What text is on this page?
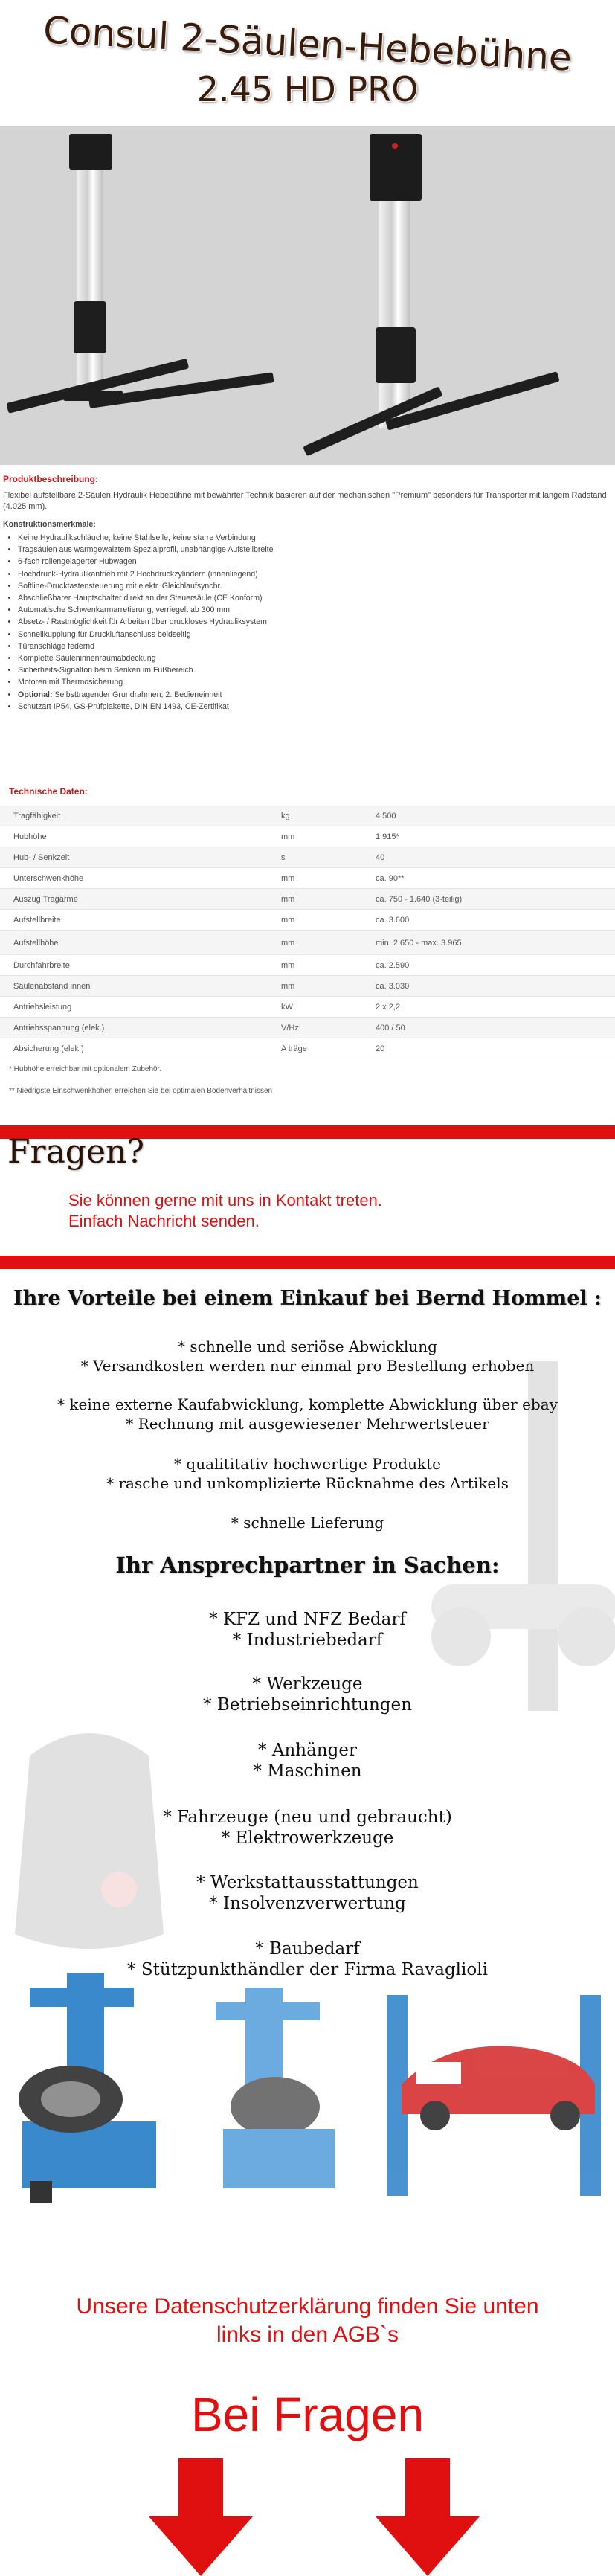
Consul 2-Säulen-Hebebühne
2.45 HD PRO
Produktbeschreibung:
Flexibel aufstellbare 2-Säulen Hydraulik Hebebühne mit bewährter Technik basieren auf der mechanischen "Premium" besonders für Transporter mit langem Radstand (4.025 mm).
Konstruktionsmerkmale:
• Keine Hydraulikschläuche, keine Stahlseile, keine starre Verbindung
• Tragsäulen aus warmgewalztem Spezialprofil, unabhängige Aufstellbreite
• 6-fach rollengelagerter Hubwagen
• Hochdruck-Hydraulikantrieb mit 2 Hochdruckzylindern (innenliegend)
• Softline-Drucktastensteuerung mit elektr. Gleichlaufsynchr.
• Abschließbarer Hauptschalter direkt an der Steuersäule (CE Konform)
• Automatische Schwenkarmarretierung, verriegelt ab 300 mm
• Absetz- / Rastmöglichkeit für Arbeiten über druckloses Hydrauliksystem
• Schnellkupplung für Druckluftanschluss beidseitig
• Türanschläge federnd
• Komplette Säuleninnenraumabdeckung
• Sicherheits-Signalton beim Senken im Fußbereich
• Motoren mit Thermosicherung
• Optional: Selbsttragender Grundrahmen; 2. Bedieneinheit
• Schutzart IP54, GS-Prüfplakette, DIN EN 1493, CE-Zertifikat
Technische Daten:
Tragfähigkeit	kg	4.500
Hubhöhe	mm	1.915*
Hub- / Senkzeit	s	40
Unterschwenkhöhe	mm	ca. 90**
Auszug Tragarme	mm	ca. 750 - 1.640 (3-teilig)
Aufstellbreite	mm	ca. 3.600
Aufstellhöhe	mm	min. 2.650 - max. 3.965
Durchfahrbreite	mm	ca. 2.590
Säulenabstand innen	mm	ca. 3.030
Antriebsleistung	kW	2 x 2,2
Antriebsspannung (elek.)	V/Hz	400 / 50
Absicherung (elek.)	A träge	20
* Hubhöhe erreichbar mit optionalem Zubehör.
** Niedrigste Einschwenkhöhen erreichen Sie bei optimalen Bodenverhältnissen
Fragen?
Sie können gerne mit uns in Kontakt treten.
Einfach Nachricht senden.
Ihre Vorteile bei einem Einkauf bei Bernd Hommel :
* schnelle und seriöse Abwicklung
* Versandkosten werden nur einmal pro Bestellung erhoben
* keine externe Kaufabwicklung, komplette Abwicklung über ebay
* Rechnung mit ausgewiesener Mehrwertsteuer
* qualititativ hochwertige Produkte
* rasche und unkomplizierte Rücknahme des Artikels
* schnelle Lieferung
Ihr Ansprechpartner in Sachen:
* KFZ und NFZ Bedarf
* Industriebedarf
* Werkzeuge
* Betriebseinrichtungen
* Anhänger
* Maschinen
* Fahrzeuge (neu und gebraucht)
* Elektrowerkzeuge
* Werkstattausstattungen
* Insolvenzverwertung
* Baubedarf
* Stützpunkthändler der Firma Ravaglioli
Unsere Datenschutzerklärung finden Sie unten
links in den AGB`s
Bei Fragen
